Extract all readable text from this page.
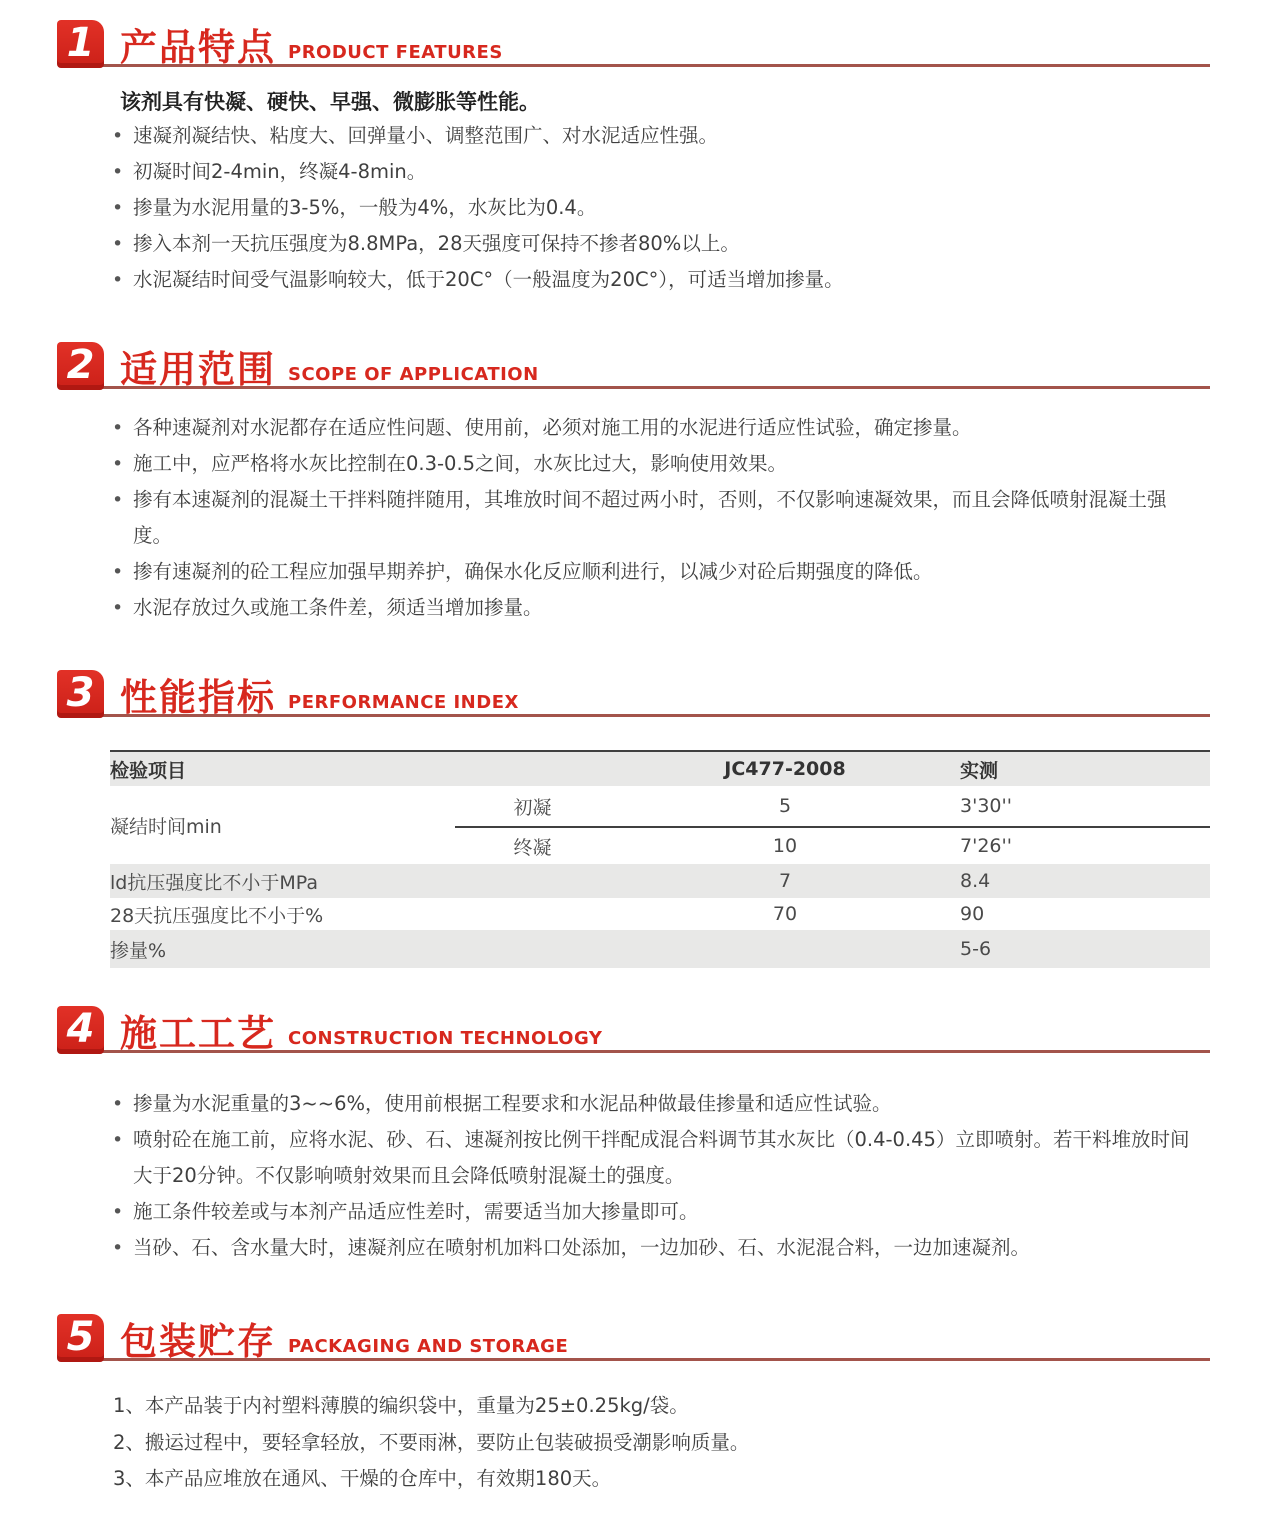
1 产品特点 PRODUCT FEATURES
该剂具有快凝、硬快、早强、微膨胀等性能。
• 速凝剂凝结快、粘度大、回弹量小、调整范围广、对水泥适应性强。
• 初凝时间2-4min，终凝4-8min。
• 掺量为水泥用量的3-5%，一般为4%，水灰比为0.4。
• 掺入本剂一天抗压强度为8.8MPa，28天强度可保持不掺者80%以上。
• 水泥凝结时间受气温影响较大，低于20C°（一般温度为20C°），可适当增加掺量。
2 适用范围 SCOPE OF APPLICATION
• 各种速凝剂对水泥都存在适应性问题、使用前，必须对施工用的水泥进行适应性试验，确定掺量。
• 施工中，应严格将水灰比控制在0.3-0.5之间，水灰比过大，影响使用效果。
• 掺有本速凝剂的混凝土干拌料随拌随用，其堆放时间不超过两小时，否则，不仅影响速凝效果，而且会降低喷射混凝土强度。
• 掺有速凝剂的砼工程应加强早期养护，确保水化反应顺利进行，以减少对砼后期强度的降低。
• 水泥存放过久或施工条件差，须适当增加掺量。
3 性能指标 PERFORMANCE INDEX
检验项目		JC477-2008	实测
凝结时间min	初凝	5	3'30''
	终凝	10	7'26''
ld抗压强度比不小于MPa		7	8.4
28天抗压强度比不小于%		70	90
掺量%			5-6
4 施工工艺 CONSTRUCTION TECHNOLOGY
• 掺量为水泥重量的3~~6%，使用前根据工程要求和水泥品种做最佳掺量和适应性试验。
• 喷射砼在施工前，应将水泥、砂、石、速凝剂按比例干拌配成混合料调节其水灰比（0.4-0.45）立即喷射。若干料堆放时间大于20分钟。不仅影响喷射效果而且会降低喷射混凝土的强度。
• 施工条件较差或与本剂产品适应性差时，需要适当加大掺量即可。
• 当砂、石、含水量大时，速凝剂应在喷射机加料口处添加，一边加砂、石、水泥混合料，一边加速凝剂。
5 包装贮存 PACKAGING AND STORAGE
1、本产品装于内衬塑料薄膜的编织袋中，重量为25±0.25kg/袋。
2、搬运过程中，要轻拿轻放，不要雨淋，要防止包装破损受潮影响质量。
3、本产品应堆放在通风、干燥的仓库中，有效期180天。
